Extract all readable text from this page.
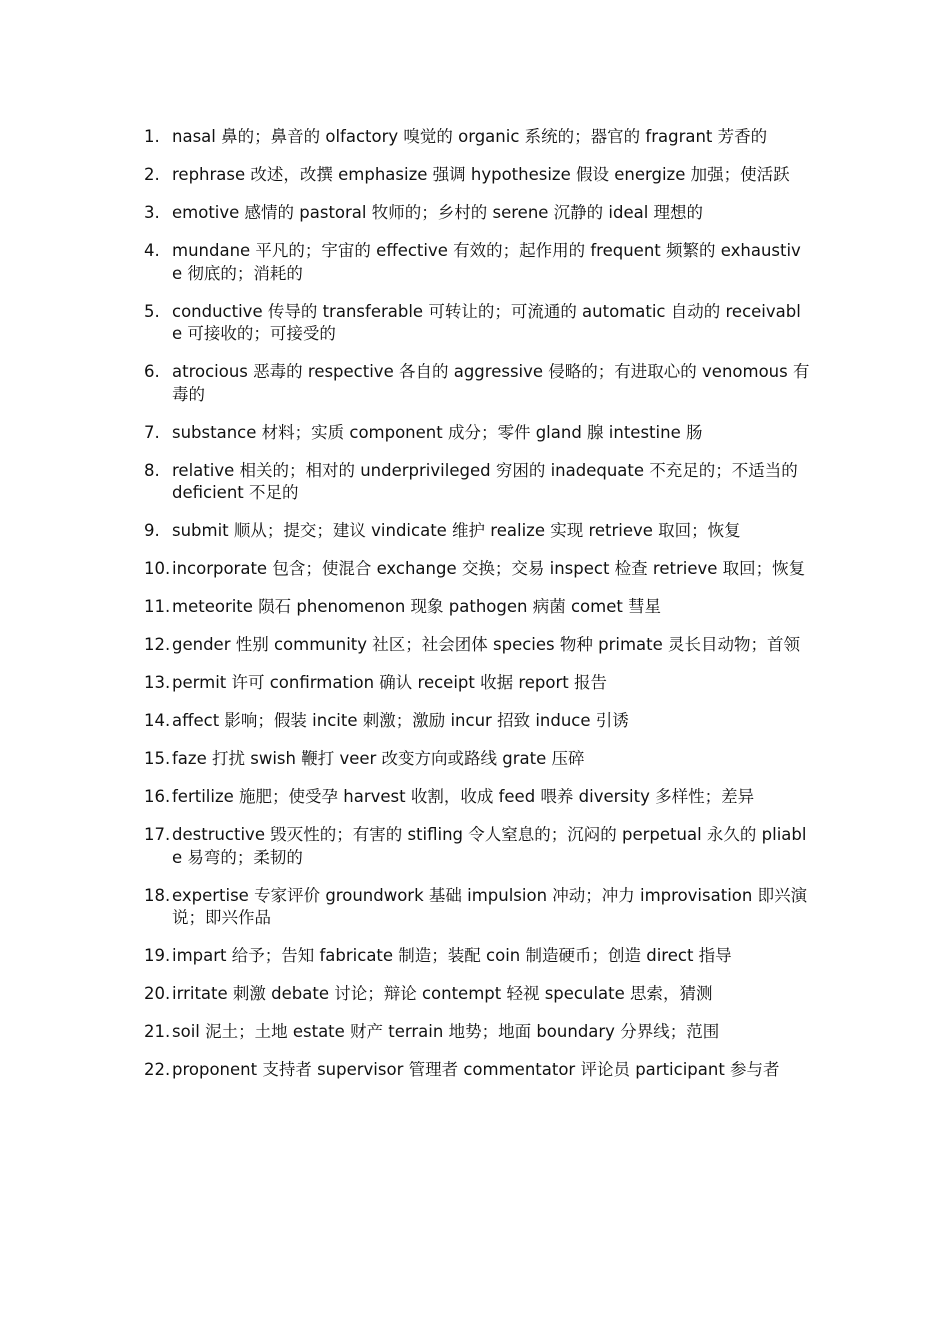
1. nasal 鼻的；鼻音的 olfactory 嗅觉的 organic 系统的；器官的 fragrant 芳香的
2. rephrase 改述，改撰 emphasize 强调 hypothesize 假设 energize 加强；使活跃
3. emotive 感情的 pastoral 牧师的；乡村的 serene 沉静的 ideal 理想的
4. mundane 平凡的；宇宙的 effective 有效的；起作用的 frequent 频繁的 exhaustive 彻底的；消耗的
5. conductive 传导的 transferable 可转让的；可流通的 automatic 自动的 receivable 可接收的；可接受的
6. atrocious 恶毒的 respective 各自的 aggressive 侵略的；有进取心的 venomous 有毒的
7. substance 材料；实质 component 成分；零件 gland 腺 intestine 肠
8. relative 相关的；相对的 underprivileged 穷困的 inadequate 不充足的；不适当的 deficient 不足的
9. submit 顺从；提交；建议 vindicate 维护 realize 实现 retrieve 取回；恢复
10. incorporate 包含；使混合 exchange 交换；交易 inspect 检查 retrieve 取回；恢复
11. meteorite 陨石 phenomenon 现象 pathogen 病菌 comet 彗星
12. gender 性别 community 社区；社会团体 species 物种 primate 灵长目动物；首领
13. permit 许可 confirmation 确认 receipt 收据 report 报告
14. affect 影响；假装 incite 刺激；激励 incur 招致 induce 引诱
15. faze 打扰 swish 鞭打 veer 改变方向或路线 grate 压碎
16. fertilize 施肥；使受孕 harvest 收割，收成 feed 喂养 diversity 多样性；差异
17. destructive 毁灭性的；有害的 stifling 令人窒息的；沉闷的 perpetual 永久的 pliable 易弯的；柔韧的
18. expertise 专家评价 groundwork 基础 impulsion 冲动；冲力 improvisation 即兴演说；即兴作品
19. impart 给予；告知 fabricate 制造；装配 coin 制造硬币；创造 direct 指导
20. irritate 刺激 debate 讨论；辩论 contempt 轻视 speculate 思索，猜测
21. soil 泥土；土地 estate 财产 terrain 地势；地面 boundary 分界线；范围
22. proponent 支持者 supervisor 管理者 commentator 评论员 participant 参与者
